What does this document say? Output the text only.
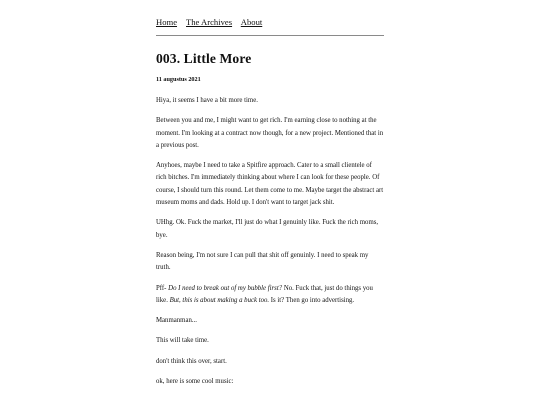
Home The Archives About
003. Little More
11 augustus 2021

Hiya, it seems I have a bit more time.

Between you and me, I might want to get rich. I'm earning close to nothing at the moment. I'm looking at a contract now though, for a new project. Mentioned that in a previous post.

Anyhoes, maybe I need to take a Spitfire approach. Cater to a small clientele of rich bitches. I'm immediately thinking about where I can look for these people. Of course, I should turn this round. Let them come to me. Maybe target the abstract art museum moms and dads. Hold up. I don't want to target jack shit.

UHhg. Ok. Fuck the market, I'll just do what I genuinly like. Fuck the rich moms, bye.

Reason being, I'm not sure I can pull that shit off genuinly. I need to speak my truth.

Pff- Do I need to break out of my bubble first? No. Fuck that, just do things you like. But, this is about making a buck too. Is it? Then go into advertising.

Manmanman...

This will take time.

don't think this over, start.

ok, here is some cool music:
